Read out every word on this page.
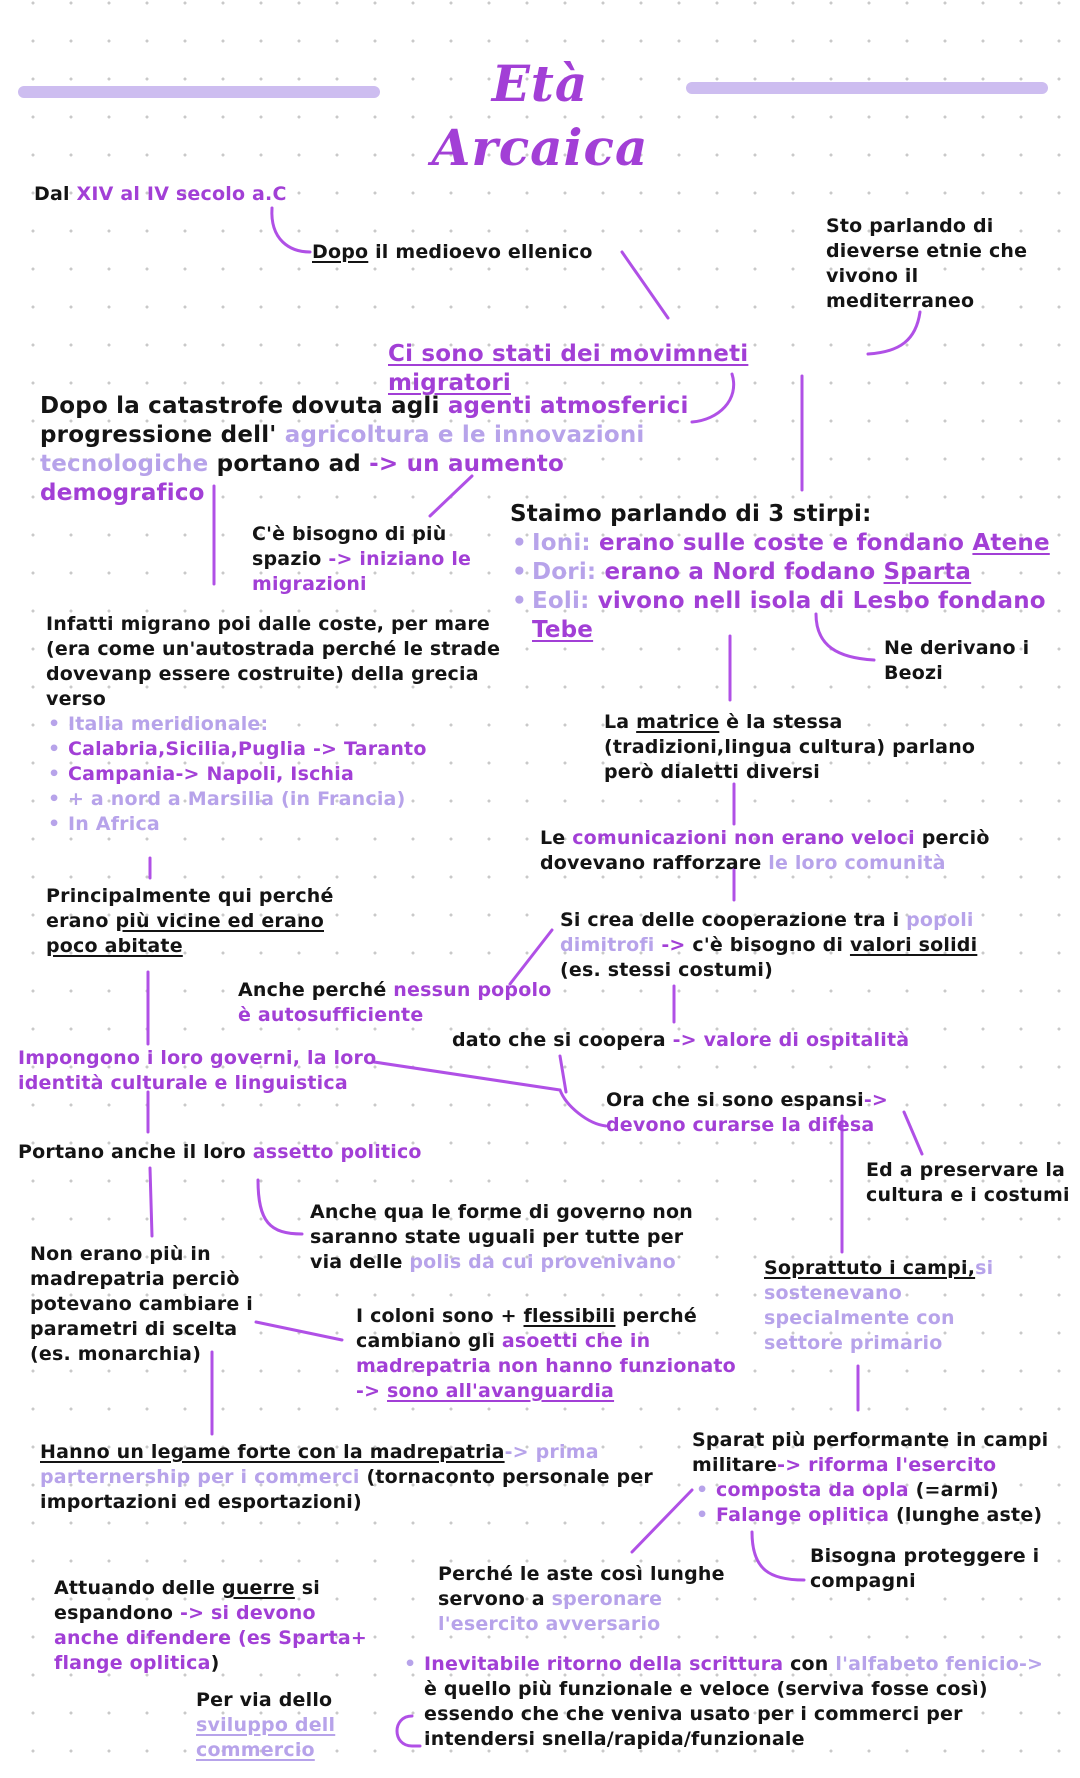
Età Arcaica
Dal XIV al IV secolo a.C
Dopo il medioevo ellenico
Sto parlando di dieverse etnie che vivono il mediterraneo
Ci sono stati dei movimneti migratori
Dopo la catastrofe dovuta agli agenti atmosferici
progressione dell' agricoltura e le innovazioni
tecnologiche portano ad -> un aumento demografico
C'è bisogno di più spazio -> iniziano le migrazioni
Staimo parlando di 3 stirpi:
• Ioni: erano sulle coste e fondano Atene
• Dori: erano a Nord fodano Sparta
• Eoli: vivono nell isola di Lesbo fondano Tebe
Ne derivano i Beozi
Infatti migrano poi dalle coste, per mare (era come un'autostrada perché le strade dovevanp essere costruite) della grecia verso
• Italia meridionale:
• Calabria,Sicilia,Puglia -> Taranto
• Campania-> Napoli, Ischia
• + a nord a Marsilia (in Francia)
• In Africa
La matrice è la stessa (tradizioni,lingua cultura) parlano però dialetti diversi
Le comunicazioni non erano veloci perciò dovevano rafforzare le loro comunità
Principalmente qui perché erano più vicine ed erano poco abitate
Si crea delle cooperazione tra i popoli dimitrofi -> c'è bisogno di valori solidi (es. stessi costumi)
Anche perché nessun popolo è autosufficiente
dato che si coopera -> valore di ospitalità
Impongono i loro governi, la loro identità culturale e linguistica
Ora che si sono espansi-> devono curarse la difesa
Portano anche il loro assetto politico
Ed a preservare la cultura e i costumi
Anche qua le forme di governo non saranno state uguali per tutte per via delle polis da cui provenivano	Soprattuto i campi,si sostenevano specialmente con settore primario
Non erano più in madrepatria perciò potevano cambiare i parametri di scelta (es. monarchia)
I coloni sono + flessibili perché cambiano gli asoetti che in madrepatria non hanno funzionato -> sono all'avanguardia
Hanno un legame forte con la madrepatria-> prima parternership per i commerci (tornaconto personale per importazioni ed esportazioni)
Sparat più performante in campi militare-> riforma l'esercito
• composta da opla (=armi)
• Falange oplitica (lunghe aste)
Bisogna proteggere i compagni
Attuando delle guerre si espandono -> si devono anche difendere (es Sparta+ flange oplitica)
Perché le aste così lunghe servono a speronare l'esercito avversario
Per via dello sviluppo dell commercio
• Inevitabile ritorno della scrittura con l'alfabeto fenicio-> è quello più funzionale e veloce (serviva fosse così) essendo che che veniva usato per i commerci per intendersi snella/rapida/funzionale
